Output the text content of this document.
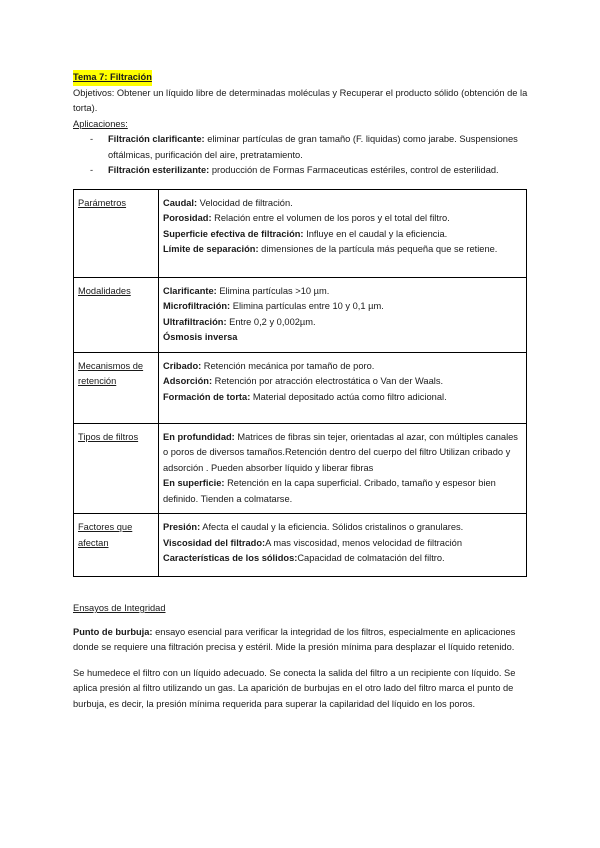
Tema 7: Filtración
Objetivos: Obtener un líquido libre de determinadas moléculas y Recuperar el producto sólido (obtención de la torta).
Aplicaciones:
- Filtración clarificante: eliminar partículas de gran tamaño (F. liquidas) como jarabe. Suspensiones oftálmicas, purificación del aire, pretratamiento.
- Filtración esterilizante: producción de Formas Farmaceuticas estériles, control de esterilidad.
Parámetros	Caudal: Velocidad de filtración.
Porosidad: Relación entre el volumen de los poros y el total del filtro.
Superficie efectiva de filtración: Influye en el caudal y la eficiencia.
Límite de separación: dimensiones de la partícula más pequeña que se retiene.

Modalidades	Clarificante: Elimina partículas >10 µm.
Microfiltración: Elimina partículas entre 10 y 0,1 µm.
Ultrafiltración: Entre 0,2 y 0,002µm.
Ósmosis inversa

Mecanismos de retención	Cribado: Retención mecánica por tamaño de poro.
Adsorción: Retención por atracción electrostática o Van der Waals.
Formación de torta: Material depositado actúa como filtro adicional.

Tipos de filtros	En profundidad: Matrices de fibras sin tejer, orientadas al azar, con múltiples canales o poros de diversos tamaños.Retención dentro del cuerpo del filtro Utilizan cribado y adsorción . Pueden absorber líquido y liberar fibras
En superficie: Retención en la capa superficial. Cribado, tamaño y espesor bien definido. Tienden a colmatarse.

Factores que afectan	Presión: Afecta el caudal y la eficiencia. Sólidos cristalinos o granulares.
Viscosidad del filtrado:A mas viscosidad, menos velocidad de filtración
Características de los sólidos:Capacidad de colmatación del filtro.
Ensayos de Integridad
Punto de burbuja: ensayo esencial para verificar la integridad de los filtros, especialmente en aplicaciones donde se requiere una filtración precisa y estéril. Mide la presión mínima para desplazar el líquido retenido.
Se humedece el filtro con un líquido adecuado. Se conecta la salida del filtro a un recipiente con líquido. Se aplica presión al filtro utilizando un gas. La aparición de burbujas en el otro lado del filtro marca el punto de burbuja, es decir, la presión mínima requerida para superar la capilaridad del líquido en los poros.
